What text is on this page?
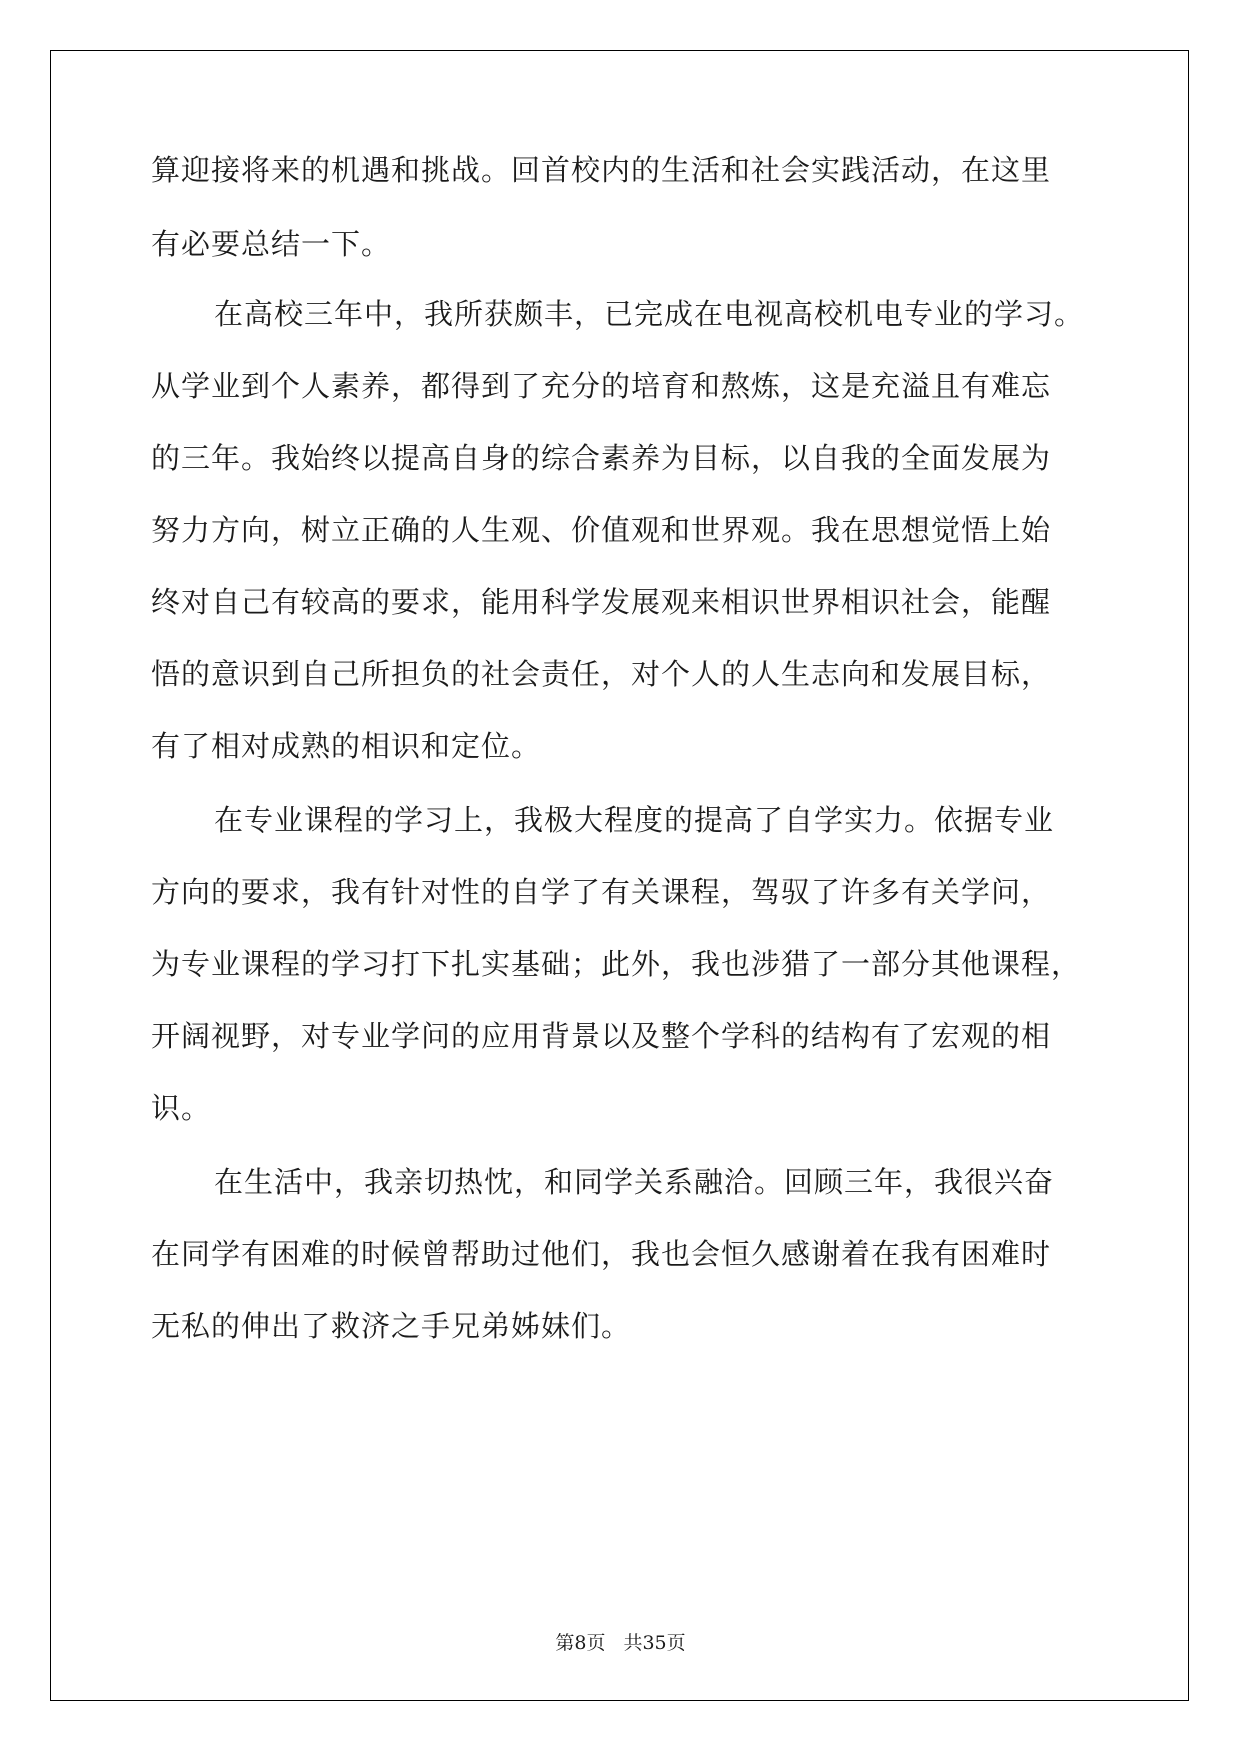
算迎接将来的机遇和挑战。回首校内的生活和社会实践活动，在这里
有必要总结一下。
在高校三年中，我所获颇丰，已完成在电视高校机电专业的学习。
从学业到个人素养，都得到了充分的培育和熬炼，这是充溢且有难忘
的三年。我始终以提高自身的综合素养为目标，以自我的全面发展为
努力方向，树立正确的人生观、价值观和世界观。我在思想觉悟上始
终对自己有较高的要求，能用科学发展观来相识世界相识社会，能醒
悟的意识到自己所担负的社会责任，对个人的人生志向和发展目标，
有了相对成熟的相识和定位。
在专业课程的学习上，我极大程度的提高了自学实力。依据专业
方向的要求，我有针对性的自学了有关课程，驾驭了许多有关学问，
为专业课程的学习打下扎实基础；此外，我也涉猎了一部分其他课程，
开阔视野，对专业学问的应用背景以及整个学科的结构有了宏观的相
识。
在生活中，我亲切热忱，和同学关系融洽。回顾三年，我很兴奋
在同学有困难的时候曾帮助过他们，我也会恒久感谢着在我有困难时
无私的伸出了救济之手兄弟姊妹们。
第8页 共35页
